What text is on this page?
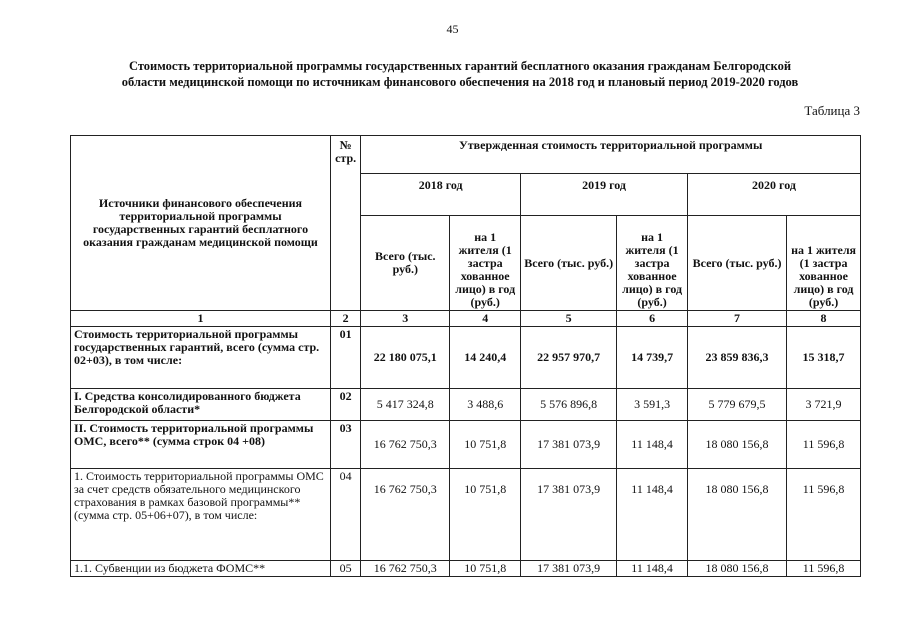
45
Стоимость территориальной программы государственных гарантий бесплатного оказания гражданам Белгородской
области медицинской помощи по источникам финансового обеспечения на 2018 год и плановый период 2019-2020 годов
Таблица 3
Источники финансового обеспечения территориальной программы государственных гарантий бесплатного оказания гражданам медицинской помощи	№ стр.	Утвержденная стоимость территориальной программы					
		2018 год		2019 год		2020 год	
		Всего (тыс. руб.)	на 1 жителя (1 застра хованное лицо) в год (руб.)	Всего (тыс. руб.)	на 1 жителя (1 застра хованное лицо) в год (руб.)	Всего (тыс. руб.)	на 1 жителя (1 застра хованное лицо) в год (руб.)
1	2	3	4	5	6	7	8
Стоимость территориальной программы государственных гарантий, всего (сумма стр. 02+03), в том числе:	01	22 180 075,1	14 240,4	22 957 970,7	14 739,7	23 859 836,3	15 318,7
I. Средства консолидированного бюджета Белгородской области*	02	5 417 324,8	3 488,6	5 576 896,8	3 591,3	5 779 679,5	3 721,9
II. Стоимость территориальной программы ОМС, всего** (сумма строк 04 +08)	03	16 762 750,3	10 751,8	17 381 073,9	11 148,4	18 080 156,8	11 596,8
1. Стоимость территориальной программы ОМС за счет средств обязательного медицинского страхования в рамках базовой программы** (сумма стр. 05+06+07), в том числе:	04	16 762 750,3	10 751,8	17 381 073,9	11 148,4	18 080 156,8	11 596,8
1.1. Субвенции из бюджета ФОМС**	05	16 762 750,3	10 751,8	17 381 073,9	11 148,4	18 080 156,8	11 596,8
